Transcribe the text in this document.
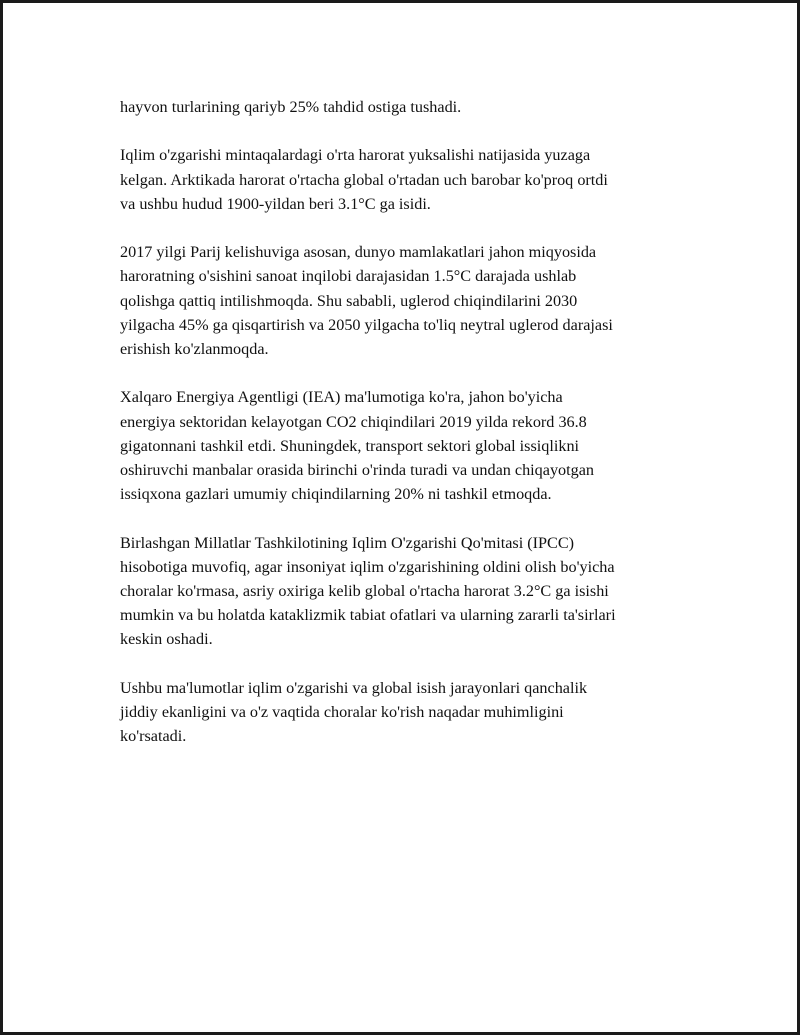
hayvon turlarining qariyb 25% tahdid ostiga tushadi.

Iqlim o'zgarishi mintaqalardagi o'rta harorat yuksalishi natijasida yuzaga
kelgan. Arktikada harorat o'rtacha global o'rtadan uch barobar ko'proq ortdi
va ushbu hudud 1900-yildan beri 3.1°C ga isidi.

2017 yilgi Parij kelishuviga asosan, dunyo mamlakatlari jahon miqyosida
haroratning o'sishini sanoat inqilobi darajasidan 1.5°C darajada ushlab
qolishga qattiq intilishmoqda. Shu sababli, uglerod chiqindilarini 2030
yilgacha 45% ga qisqartirish va 2050 yilgacha to'liq neytral uglerod darajasi
erishish ko'zlanmoqda.

Xalqaro Energiya Agentligi (IEA) ma'lumotiga ko'ra, jahon bo'yicha
energiya sektoridan kelayotgan CO2 chiqindilari 2019 yilda rekord 36.8
gigatonnani tashkil etdi. Shuningdek, transport sektori global issiqlikni
oshiruvchi manbalar orasida birinchi o'rinda turadi va undan chiqayotgan
issiqxona gazlari umumiy chiqindilarning 20% ni tashkil etmoqda.

Birlashgan Millatlar Tashkilotining Iqlim O'zgarishi Qo'mitasi (IPCC)
hisobotiga muvofiq, agar insoniyat iqlim o'zgarishining oldini olish bo'yicha
choralar ko'rmasa, asriy oxiriga kelib global o'rtacha harorat 3.2°C ga isishi
mumkin va bu holatda kataklizmik tabiat ofatlari va ularning zararli ta'sirlari
keskin oshadi.

Ushbu ma'lumotlar iqlim o'zgarishi va global isish jarayonlari qanchalik
jiddiy ekanligini va o'z vaqtida choralar ko'rish naqadar muhimligini
ko'rsatadi.
